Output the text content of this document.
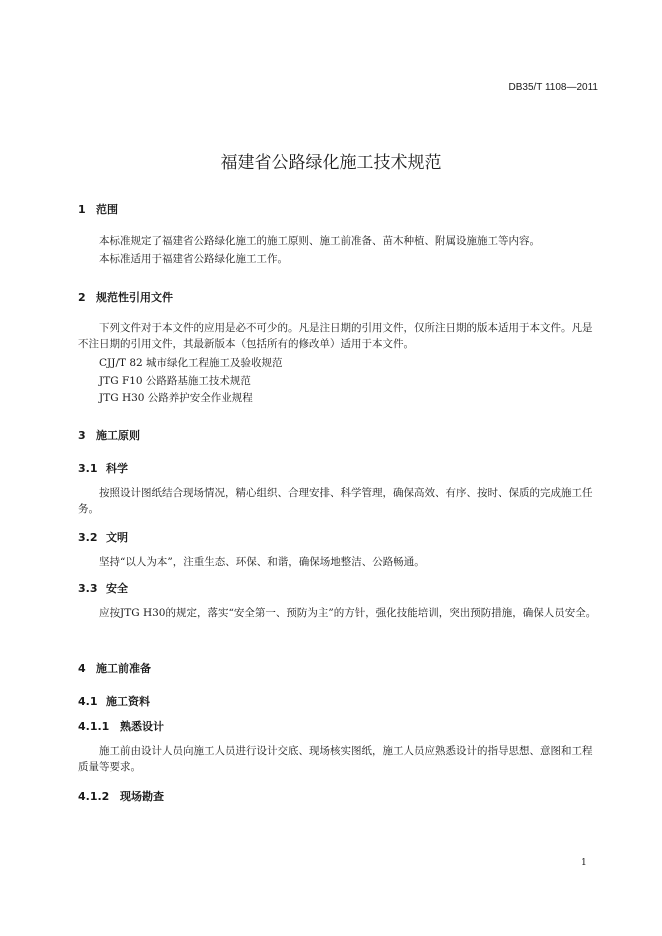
DB35/T 1108—2011
福建省公路绿化施工技术规范
1 范围
本标准规定了福建省公路绿化施工的施工原则、施工前准备、苗木种植、附属设施施工等内容。
本标准适用于福建省公路绿化施工工作。
2 规范性引用文件
下列文件对于本文件的应用是必不可少的。凡是注日期的引用文件，仅所注日期的版本适用于本文件。凡是不注日期的引用文件，其最新版本（包括所有的修改单）适用于本文件。
CJJ/T 82 城市绿化工程施工及验收规范
JTG F10 公路路基施工技术规范
JTG H30 公路养护安全作业规程
3 施工原则
3.1 科学
按照设计图纸结合现场情况，精心组织、合理安排、科学管理，确保高效、有序、按时、保质的完成施工任务。
3.2 文明
坚持“以人为本”，注重生态、环保、和谐，确保场地整洁、公路畅通。
3.3 安全
应按JTG H30的规定，落实“安全第一、预防为主”的方针，强化技能培训，突出预防措施，确保人员安全。
4 施工前准备
4.1 施工资料
4.1.1 熟悉设计
施工前由设计人员向施工人员进行设计交底、现场核实图纸，施工人员应熟悉设计的指导思想、意图和工程质量等要求。
4.1.2 现场勘查
1
